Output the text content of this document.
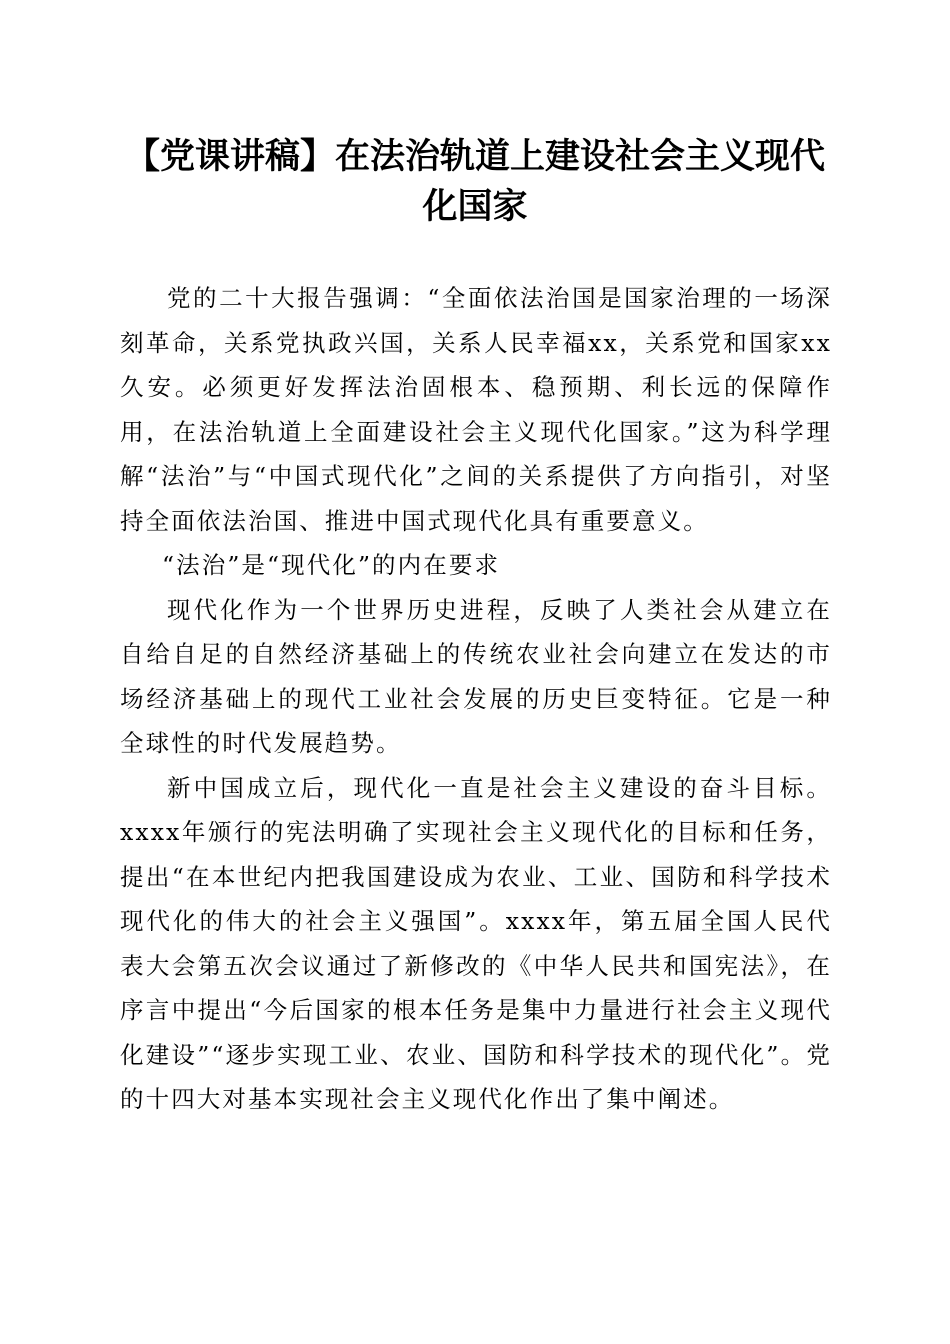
【党课讲稿】在法治轨道上建设社会主义现代化国家

党的二十大报告强调：“全面依法治国是国家治理的一场深刻革命，关系党执政兴国，关系人民幸福xx，关系党和国家xx久安。必须更好发挥法治固根本、稳预期、利长远的保障作用，在法治轨道上全面建设社会主义现代化国家。”这为科学理解“法治”与“中国式现代化”之间的关系提供了方向指引，对坚持全面依法治国、推进中国式现代化具有重要意义。

“法治”是“现代化”的内在要求

现代化作为一个世界历史进程，反映了人类社会从建立在自给自足的自然经济基础上的传统农业社会向建立在发达的市场经济基础上的现代工业社会发展的历史巨变特征。它是一种全球性的时代发展趋势。

新中国成立后，现代化一直是社会主义建设的奋斗目标。xxxx年颁行的宪法明确了实现社会主义现代化的目标和任务，提出“在本世纪内把我国建设成为农业、工业、国防和科学技术现代化的伟大的社会主义强国”。xxxx年，第五届全国人民代表大会第五次会议通过了新修改的《中华人民共和国宪法》，在序言中提出“今后国家的根本任务是集中力量进行社会主义现代化建设”“逐步实现工业、农业、国防和科学技术的现代化”。党的十四大对基本实现社会主义现代化作出了集中阐述。
